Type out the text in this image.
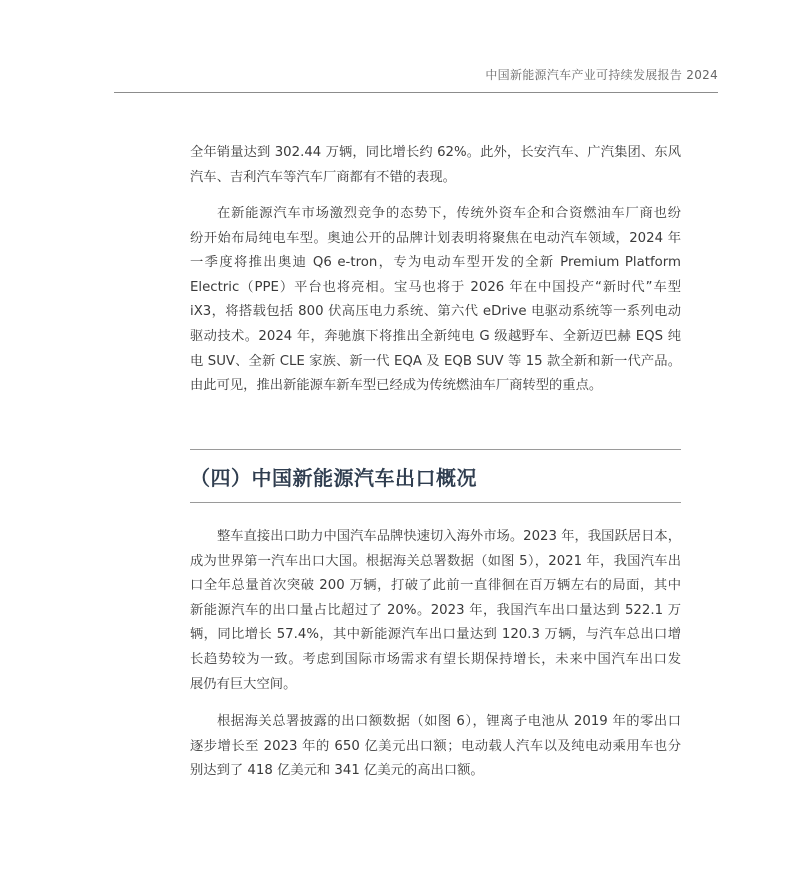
中国新能源汽车产业可持续发展报告 2024

全年销量达到 302.44 万辆，同比增长约 62%。此外，长安汽车、广汽集团、东风
汽车、吉利汽车等汽车厂商都有不错的表现。

在新能源汽车市场激烈竞争的态势下，传统外资车企和合资燃油车厂商也纷
纷开始布局纯电车型。奥迪公开的品牌计划表明将聚焦在电动汽车领域，2024 年
一季度将推出奥迪 Q6 e-tron，专为电动车型开发的全新 Premium Platform
Electric（PPE）平台也将亮相。宝马也将于 2026 年在中国投产“新时代”车型
iX3，将搭载包括 800 伏高压电力系统、第六代 eDrive 电驱动系统等一系列电动
驱动技术。2024 年，奔驰旗下将推出全新纯电 G 级越野车、全新迈巴赫 EQS 纯
电 SUV、全新 CLE 家族、新一代 EQA 及 EQB SUV 等 15 款全新和新一代产品。
由此可见，推出新能源车新车型已经成为传统燃油车厂商转型的重点。

（四）中国新能源汽车出口概况

整车直接出口助力中国汽车品牌快速切入海外市场。2023 年，我国跃居日本，
成为世界第一汽车出口大国。根据海关总署数据（如图 5），2021 年，我国汽车出
口全年总量首次突破 200 万辆，打破了此前一直徘徊在百万辆左右的局面，其中
新能源汽车的出口量占比超过了 20%。2023 年，我国汽车出口量达到 522.1 万
辆，同比增长 57.4%，其中新能源汽车出口量达到 120.3 万辆，与汽车总出口增
长趋势较为一致。考虑到国际市场需求有望长期保持增长，未来中国汽车出口发
展仍有巨大空间。

根据海关总署披露的出口额数据（如图 6），锂离子电池从 2019 年的零出口
逐步增长至 2023 年的 650 亿美元出口额；电动载人汽车以及纯电动乘用车也分
别达到了 418 亿美元和 341 亿美元的高出口额。
